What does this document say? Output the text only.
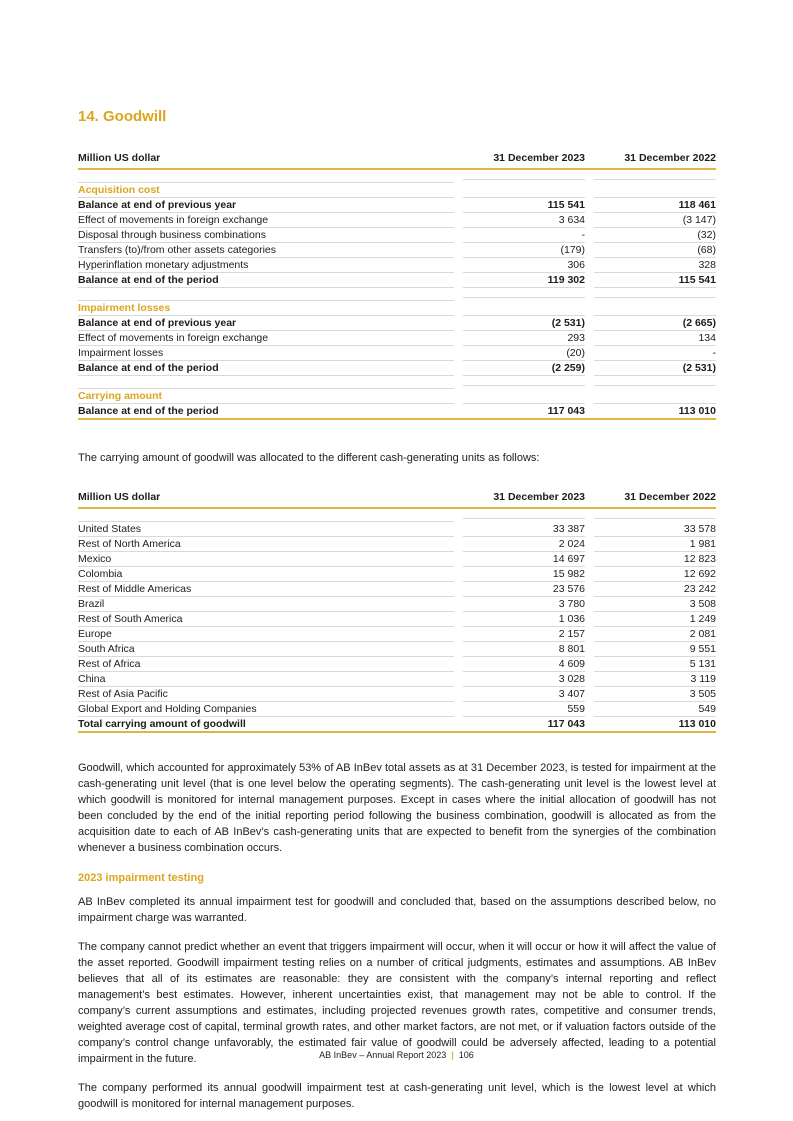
14. Goodwill
Million US dollar	31 December 2023	31 December 2022
Acquisition cost
Balance at end of previous year	115 541	118 461
Effect of movements in foreign exchange	3 634	(3 147)
Disposal through business combinations	-	(32)
Transfers (to)/from other assets categories	(179)	(68)
Hyperinflation monetary adjustments	306	328
Balance at end of the period	119 302	115 541
Impairment losses
Balance at end of previous year	(2 531)	(2 665)
Effect of movements in foreign exchange	293	134
Impairment losses	(20)	-
Balance at end of the period	(2 259)	(2 531)
Carrying amount
Balance at end of the period	117 043	113 010

The carrying amount of goodwill was allocated to the different cash-generating units as follows:

Million US dollar	31 December 2023	31 December 2022
United States	33 387	33 578
Rest of North America	2 024	1 981
Mexico	14 697	12 823
Colombia	15 982	12 692
Rest of Middle Americas	23 576	23 242
Brazil	3 780	3 508
Rest of South America	1 036	1 249
Europe	2 157	2 081
South Africa	8 801	9 551
Rest of Africa	4 609	5 131
China	3 028	3 119
Rest of Asia Pacific	3 407	3 505
Global Export and Holding Companies	559	549
Total carrying amount of goodwill	117 043	113 010

Goodwill, which accounted for approximately 53% of AB InBev total assets as at 31 December 2023, is tested for impairment at the cash-generating unit level (that is one level below the operating segments). The cash-generating unit level is the lowest level at which goodwill is monitored for internal management purposes. Except in cases where the initial allocation of goodwill has not been concluded by the end of the initial reporting period following the business combination, goodwill is allocated as from the acquisition date to each of AB InBev’s cash-generating units that are expected to benefit from the synergies of the combination whenever a business combination occurs.

2023 impairment testing

AB InBev completed its annual impairment test for goodwill and concluded that, based on the assumptions described below, no impairment charge was warranted.

The company cannot predict whether an event that triggers impairment will occur, when it will occur or how it will affect the value of the asset reported. Goodwill impairment testing relies on a number of critical judgments, estimates and assumptions. AB InBev believes that all of its estimates are reasonable: they are consistent with the company’s internal reporting and reflect management’s best estimates. However, inherent uncertainties exist, that management may not be able to control. If the company’s current assumptions and estimates, including projected revenues growth rates, competitive and consumer trends, weighted average cost of capital, terminal growth rates, and other market factors, are not met, or if valuation factors outside of the company’s control change unfavorably, the estimated fair value of goodwill could be adversely affected, leading to a potential impairment in the future.

The company performed its annual goodwill impairment test at cash-generating unit level, which is the lowest level at which goodwill is monitored for internal management purposes.

AB InBev – Annual Report 2023 | 106
